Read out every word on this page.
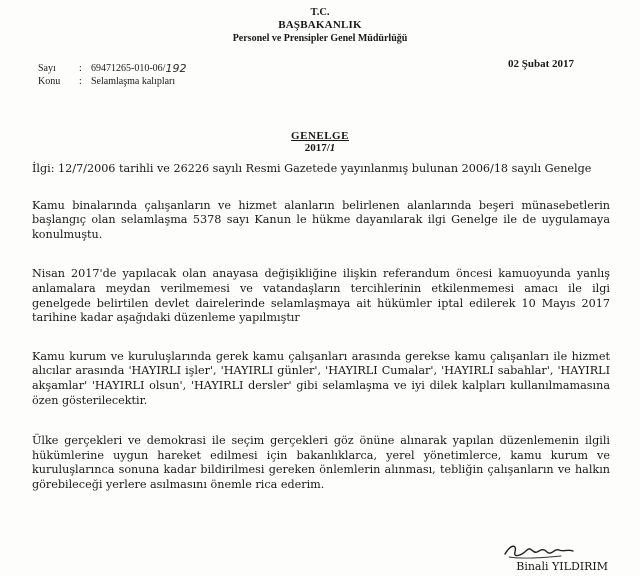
T.C.
BAŞBAKANLIK
Personel ve Prensipler Genel Müdürlüğü
Sayı	: 69471265-010-06/ 192
Konu	: Selamlaşma kalıpları
02 Şubat 2017
GENELGE
2017/1

İlgi: 12/7/2006 tarihli ve 26226 sayılı Resmi Gazetede yayınlanmış bulunan 2006/18 sayılı Genelge

Kamu binalarında çalışanların ve hizmet alanların belirlenen alanlarında beşeri münasebetlerin başlangıç olan selamlaşma 5378 sayı Kanun le hükme dayanılarak ilgi Genelge ile de uygulamaya konulmuştu.

Nisan 2017'de yapılacak olan anayasa değişikliğine ilişkin referandum öncesi kamuoyunda yanlış anlamalara meydan verilmemesi ve vatandaşların tercihlerinin etkilenmemesi amacı ile ilgi genelgede belirtilen devlet dairelerinde selamlaşmaya ait hükümler iptal edilerek 10 Mayıs 2017 tarihine kadar aşağıdaki düzenleme yapılmıştır

Kamu kurum ve kuruluşlarında gerek kamu çalışanları arasında gerekse kamu çalışanları ile hizmet alıcılar arasında 'HAYIRLI işler', 'HAYIRLI günler', 'HAYIRLI Cumalar', 'HAYIRLI sabahlar', 'HAYIRLI akşamlar' 'HAYIRLI olsun', 'HAYIRLI dersler' gibi selamlaşma ve iyi dilek kalpları kullanılmamasına özen gösterilecektir.

Ülke gerçekleri ve demokrasi ile seçim gerçekleri göz önüne alınarak yapılan düzenlemenin ilgili hükümlerine uygun hareket edilmesi için bakanlıklarca, yerel yönetimlerce, kamu kurum ve kuruluşlarınca sonuna kadar bildirilmesi gereken önlemlerin alınması, tebliğin çalışanların ve halkın görebileceği yerlere asılmasını önemle rica ederim.

Binali YILDIRIM
